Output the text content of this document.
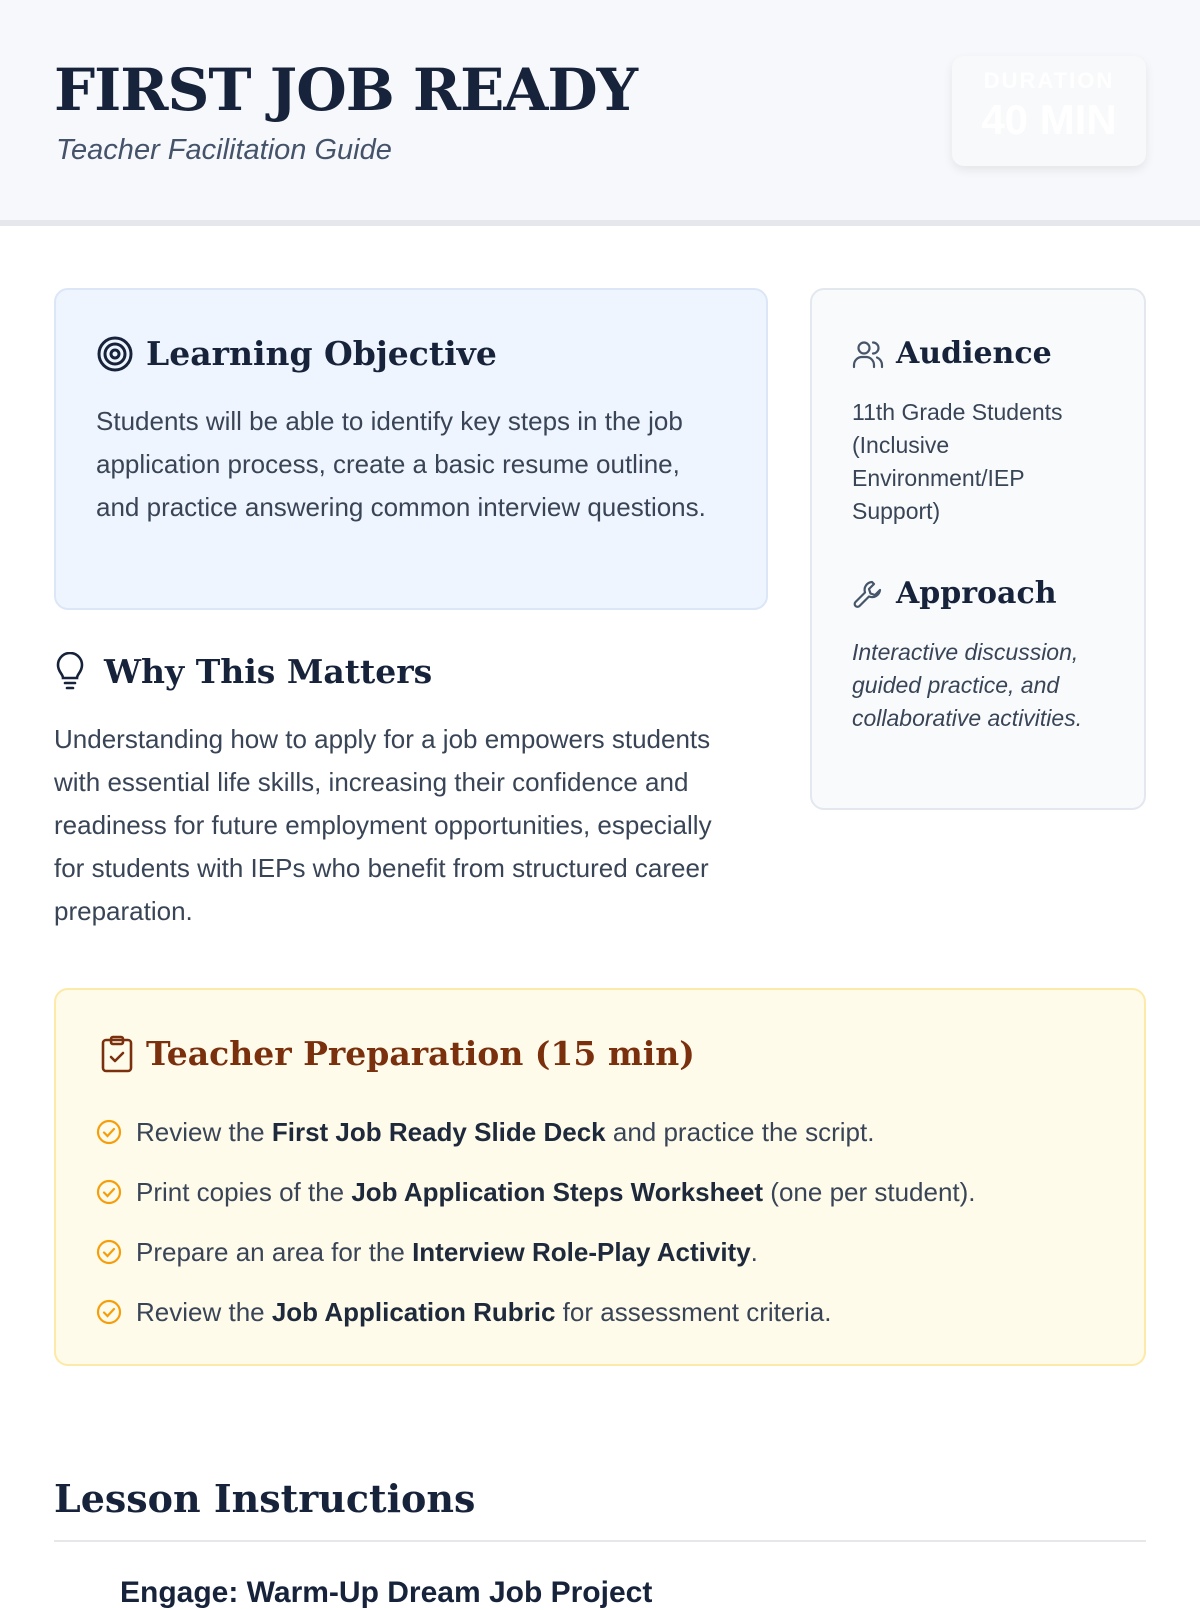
FIRST JOB READY
Teacher Facilitation Guide
DURATION
40 MIN
Learning Objective

Students will be able to identify key steps in the job application process, create a basic resume outline, and practice answering common interview questions.

Audience

11th Grade Students (Inclusive Environment/IEP Support)

Approach

Interactive discussion, guided practice, and collaborative activities.

Why This Matters

Understanding how to apply for a job empowers students with essential life skills, increasing their confidence and readiness for future employment opportunities, especially for students with IEPs who benefit from structured career preparation.

Teacher Preparation (15 min)
Review the First Job Ready Slide Deck and practice the script.
Print copies of the Job Application Steps Worksheet (one per student).
Prepare an area for the Interview Role-Play Activity.
Review the Job Application Rubric for assessment criteria.
Lesson Instructions
Engage: Warm-Up Dream Job Project
